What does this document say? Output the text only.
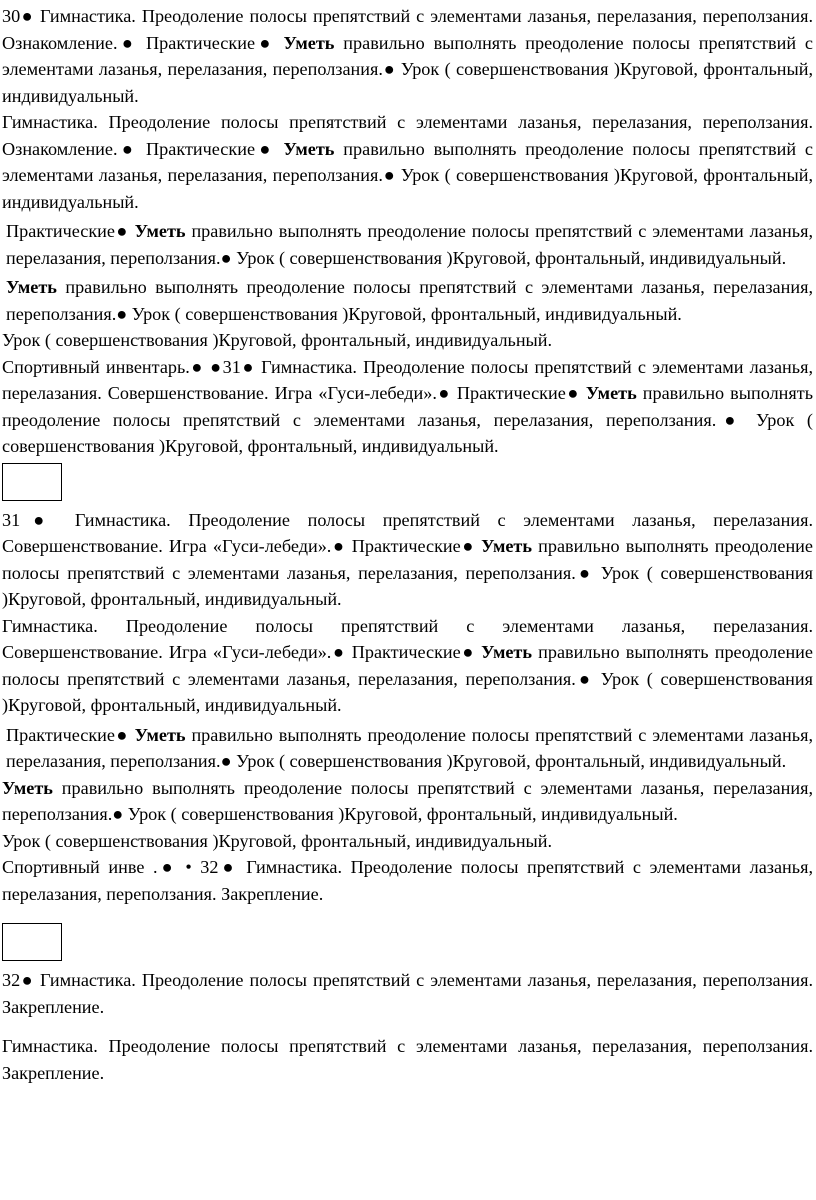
30● Гимнастика. Преодоление полосы препятствий с элементами лазанья, перелазания, переползания. Ознакомление.● Практические● Уметь правильно выполнять преодоление полосы препятствий с элементами лазанья, перелазания, переползания.● Урок ( совершенствования )Круговой, фронтальный, индивидуальный.

Гимнастика. Преодоление полосы препятствий с элементами лазанья, перелазания, переползания. Ознакомление.● Практические● Уметь правильно выполнять преодоление полосы препятствий с элементами лазанья, перелазания, переползания.● Урок ( совершенствования )Круговой, фронтальный, индивидуальный.

Практические● Уметь правильно выполнять преодоление полосы препятствий с элементами лазанья, перелазания, переползания.● Урок ( совершенствования )Круговой, фронтальный, индивидуальный.

Уметь правильно выполнять преодоление полосы препятствий с элементами лазанья, перелазания, переползания.● Урок ( совершенствования )Круговой, фронтальный, индивидуальный.

Урок ( совершенствования )Круговой, фронтальный, индивидуальный.

Спортивный инвентарь.● ●31● Гимнастика. Преодоление полосы препятствий с элементами лазанья, перелазания. Совершенствование. Игра «Гуси-лебеди».● Практические● Уметь правильно выполнять преодоление полосы препятствий с элементами лазанья, перелазания, переползания.● Урок ( совершенствования )Круговой, фронтальный, индивидуальный.

31● Гимнастика. Преодоление полосы препятствий с элементами лазанья, перелазания. Совершенствование. Игра «Гуси-лебеди».● Практические● Уметь правильно выполнять преодоление полосы препятствий с элементами лазанья, перелазания, переползания.● Урок ( совершенствования )Круговой, фронтальный, индивидуальный.

Гимнастика. Преодоление полосы препятствий с элементами лазанья, перелазания. Совершенствование. Игра «Гуси-лебеди».● Практические● Уметь правильно выполнять преодоление полосы препятствий с элементами лазанья, перелазания, переползания.● Урок ( совершенствования )Круговой, фронтальный, индивидуальный.

Практические● Уметь правильно выполнять преодоление полосы препятствий с элементами лазанья, перелазания, переползания.● Урок ( совершенствования )Круговой, фронтальный, индивидуальный.

Уметь правильно выполнять преодоление полосы препятствий с элементами лазанья, перелазания, переползания.● Урок ( совершенствования )Круговой, фронтальный, индивидуальный.

Урок ( совершенствования )Круговой, фронтальный, индивидуальный.

Спортивный инве .● • 32● Гимнастика. Преодоление полосы препятствий с элементами лазанья, перелазания, переползания. Закрепление.

32● Гимнастика. Преодоление полосы препятствий с элементами лазанья, перелазания, переползания. Закрепление.

Гимнастика. Преодоление полосы препятствий с элементами лазанья, перелазания, переползания. Закрепление.
